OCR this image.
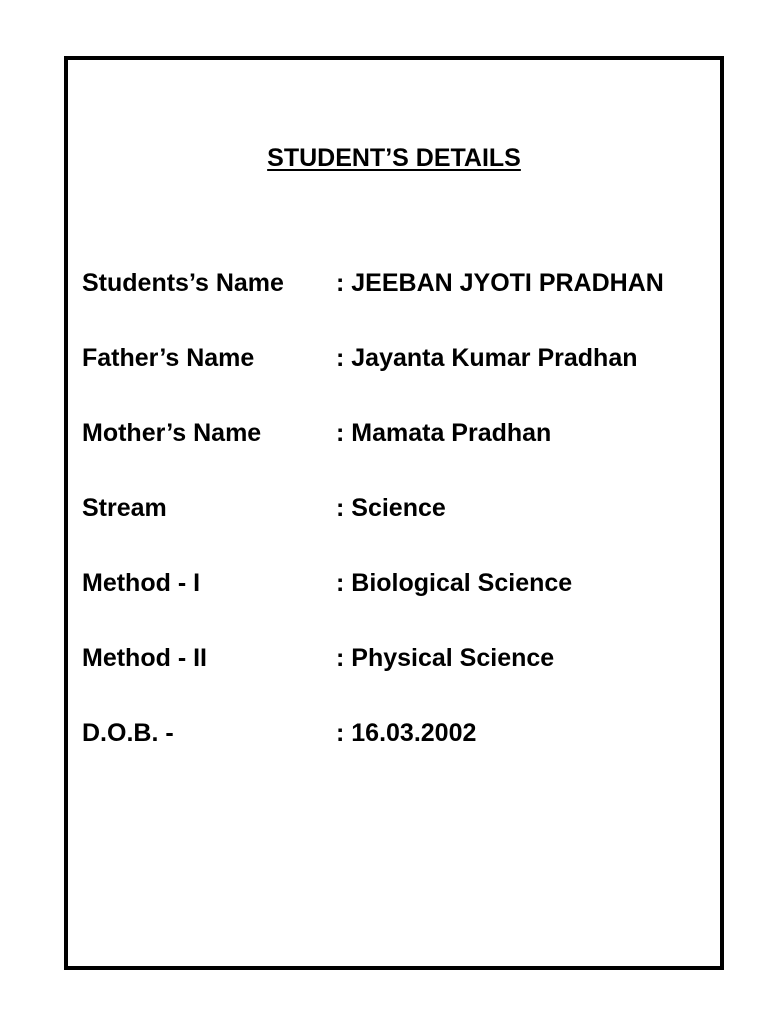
STUDENT’S DETAILS
Students’s Name : JEEBAN JYOTI PRADHAN
Father’s Name	: Jayanta Kumar Pradhan
Mother’s Name	: Mamata Pradhan
Stream	: Science
Method - I	: Biological Science
Method - II	: Physical Science
D.O.B. -	: 16.03.2002
